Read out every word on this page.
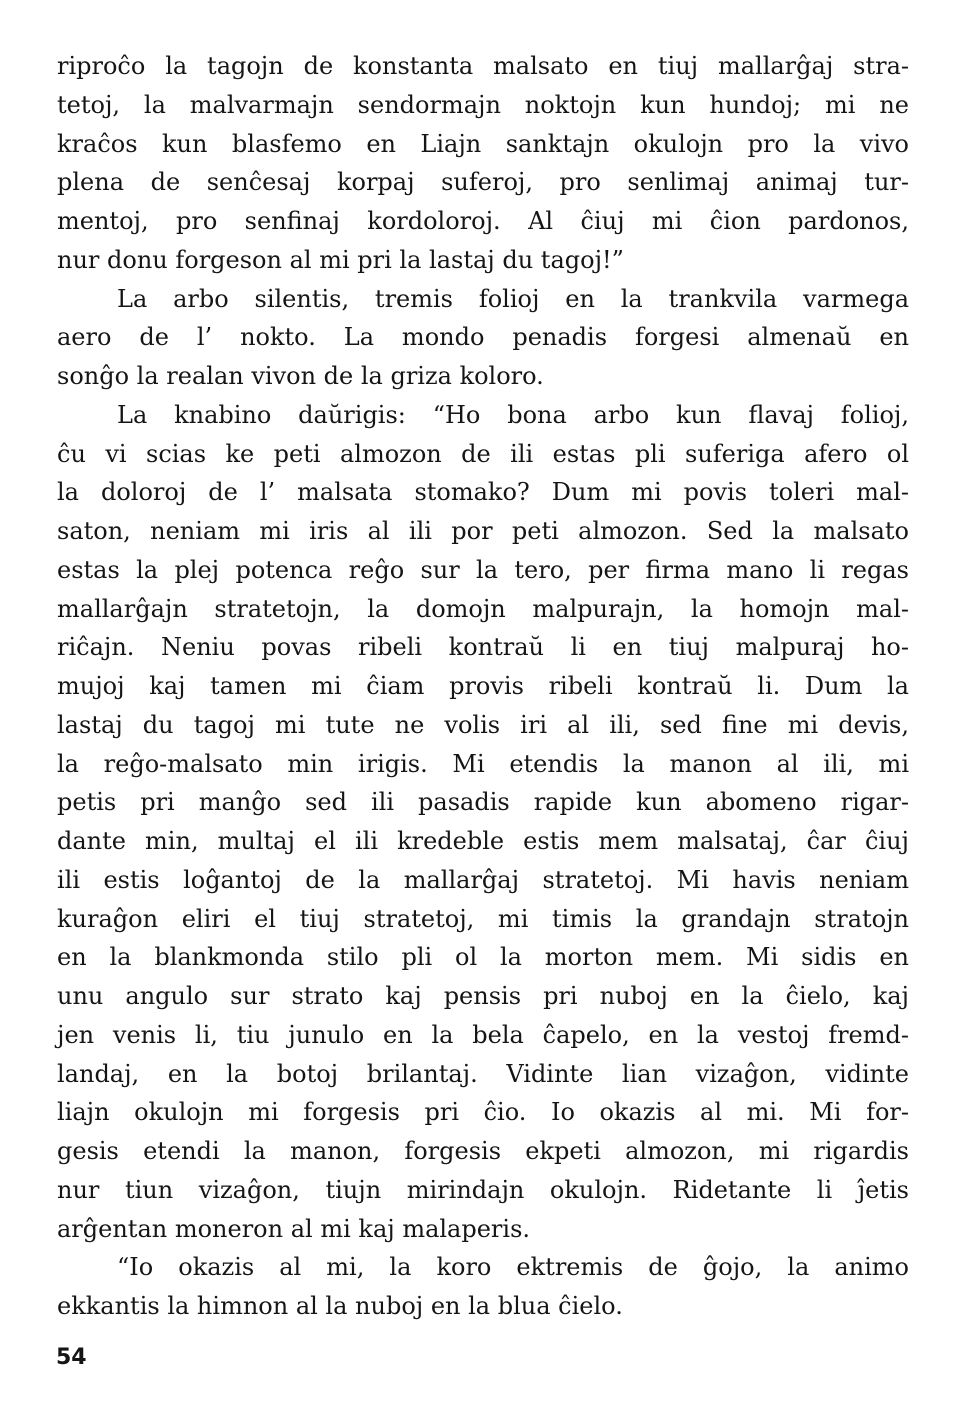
riproĉo la tagojn de konstanta malsato en tiuj mallarĝaj stra-
tetoj, la malvarmajn sendormajn noktojn kun hundoj; mi ne
kraĉos kun blasfemo en Liajn sanktajn okulojn pro la vivo
plena de senĉesaj korpaj suferoj, pro senlimaj animaj tur-
mentoj, pro senfinaj kordoloroj. Al ĉiuj mi ĉion pardonos,
nur donu forgeson al mi pri la lastaj du tagoj!”
La arbo silentis, tremis folioj en la trankvila varmega
aero de l’ nokto. La mondo penadis forgesi almenaŭ en
sonĝo la realan vivon de la griza koloro.
La knabino daŭrigis: “Ho bona arbo kun flavaj folioj,
ĉu vi scias ke peti almozon de ili estas pli suferiga afero ol
la doloroj de l’ malsata stomako? Dum mi povis toleri mal-
saton, neniam mi iris al ili por peti almozon. Sed la malsato
estas la plej potenca reĝo sur la tero, per firma mano li regas
mallarĝajn stratetojn, la domojn malpurajn, la homojn mal-
riĉajn. Neniu povas ribeli kontraŭ li en tiuj malpuraj ho-
mujoj kaj tamen mi ĉiam provis ribeli kontraŭ li. Dum la
lastaj du tagoj mi tute ne volis iri al ili, sed fine mi devis,
la reĝo-malsato min irigis. Mi etendis la manon al ili, mi
petis pri manĝo sed ili pasadis rapide kun abomeno rigar-
dante min, multaj el ili kredeble estis mem malsataj, ĉar ĉiuj
ili estis loĝantoj de la mallarĝaj stratetoj. Mi havis neniam
kuraĝon eliri el tiuj stratetoj, mi timis la grandajn stratojn
en la blankmonda stilo pli ol la morton mem. Mi sidis en
unu angulo sur strato kaj pensis pri nuboj en la ĉielo, kaj
jen venis li, tiu junulo en la bela ĉapelo, en la vestoj fremd-
landaj, en la botoj brilantaj. Vidinte lian vizaĝon, vidinte
liajn okulojn mi forgesis pri ĉio. Io okazis al mi. Mi for-
gesis etendi la manon, forgesis ekpeti almozon, mi rigardis
nur tiun vizaĝon, tiujn mirindajn okulojn. Ridetante li ĵetis
arĝentan moneron al mi kaj malaperis.
“Io okazis al mi, la koro ektremis de ĝojo, la animo
ekkantis la himnon al la nuboj en la blua ĉielo.
54
